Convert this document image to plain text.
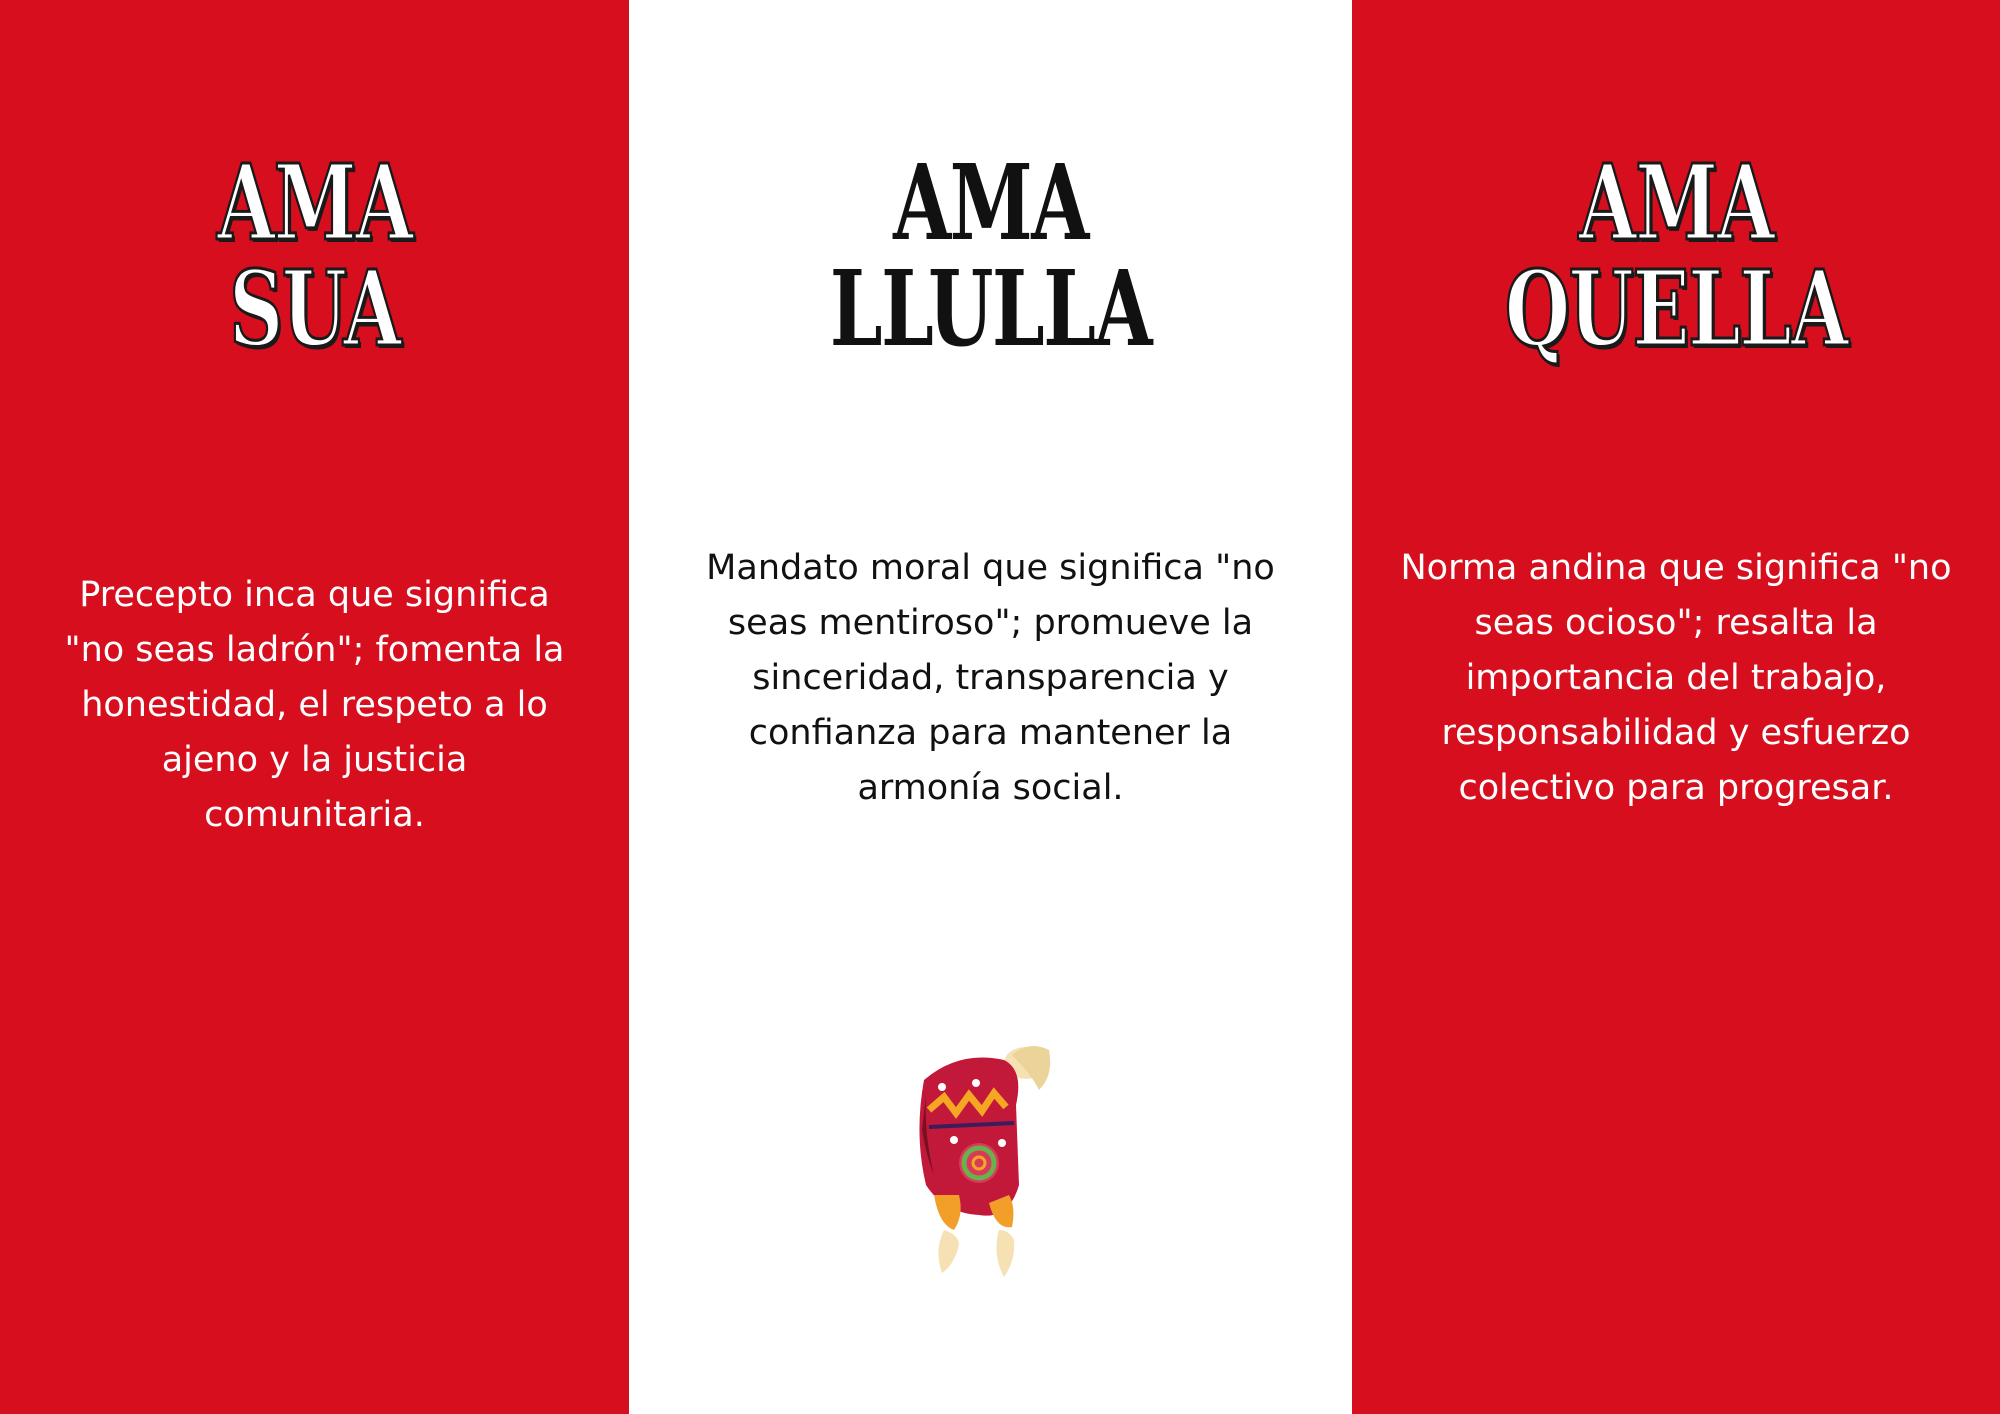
AMA
SUA

Precepto inca que significa "no seas ladrón"; fomenta la honestidad, el respeto a lo ajeno y la justicia comunitaria.

AMA
LLULLA

Mandato moral que significa "no seas mentiroso"; promueve la sinceridad, transparencia y confianza para mantener la armonía social.

AMA
QUELLA

Norma andina que significa "no seas ocioso"; resalta la importancia del trabajo, responsabilidad y esfuerzo colectivo para progresar.
